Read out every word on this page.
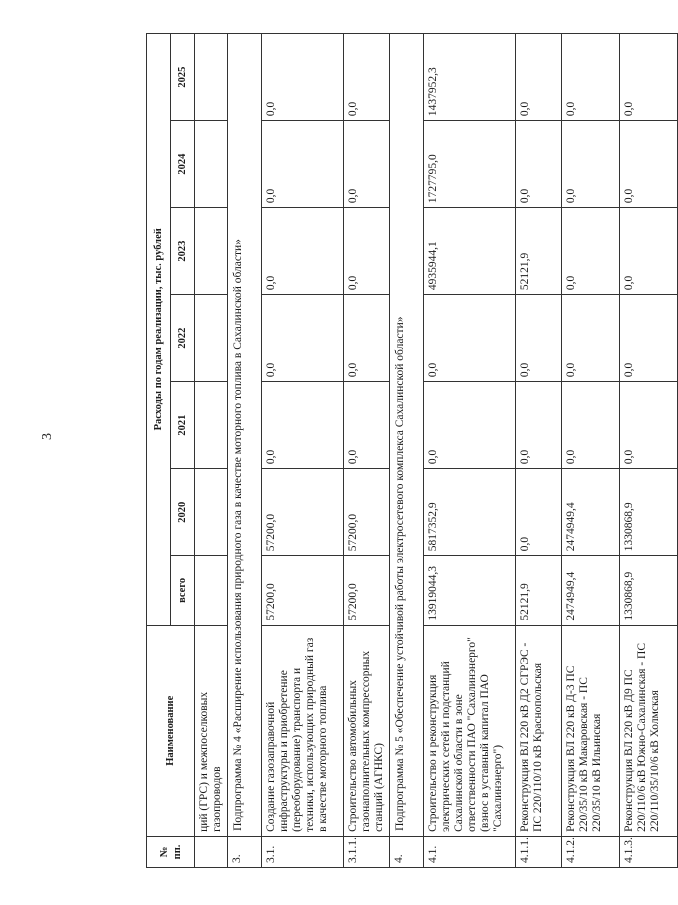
3
№ пп.	Наименование	Расходы по годам реализации, тыс. рублей						
		всего	2020	2021	2022	2023	2024	2025
	ций (ГРС) и межпоселковых газопроводов							
3.	Подпрограмма № 4 «Расширение использования природного газа в качестве моторного топлива в Сахалинской области»							
3.1.	Создание газозаправочной инфраструктуры и приобретение (переоборудование) транспорта и техники, использующих природный газ в качестве моторного топлива	57200,0	57200,0	0,0	0,0	0,0	0,0	0,0
3.1.1.	Строительство автомобильных газонаполнительных компрессорных станций (АГНКС)	57200,0	57200,0	0,0	0,0	0,0	0,0	0,0
4.	Подпрограмма № 5 «Обеспечение устойчивой работы электросетевого комплекса Сахалинской области»							
4.1.	Строительство и реконструкция электрических сетей и подстанций Сахалинской области в зоне ответственности ПАО "Сахалинэнерго" (взнос в уставный капитал ПАО "Сахалинэнерго")	13919044,3	5817352,9	0,0	0,0	4935944,1	1727795,0	1437952,3
4.1.1.	Реконструкция ВЛ 220 кВ Д2 СГРЭС - ПС 220/110/10 кВ Краснопольская	52121,9	0,0	0,0	0,0	52121,9	0,0	0,0
4.1.2.	Реконструкция ВЛ 220 кВ Д-3 ПС 220/35/10 кВ Макаровская - ПС 220/35/10 кВ Ильинская	2474949,4	2474949,4	0,0	0,0	0,0	0,0	0,0
4.1.3.	Реконструкция ВЛ 220 кВ Д9 ПС 220/110/6 кВ Южно-Сахалинская - ПС 220/110/35/10/6 кВ Холмская	1330868,9	1330868,9	0,0	0,0	0,0	0,0	0,0
